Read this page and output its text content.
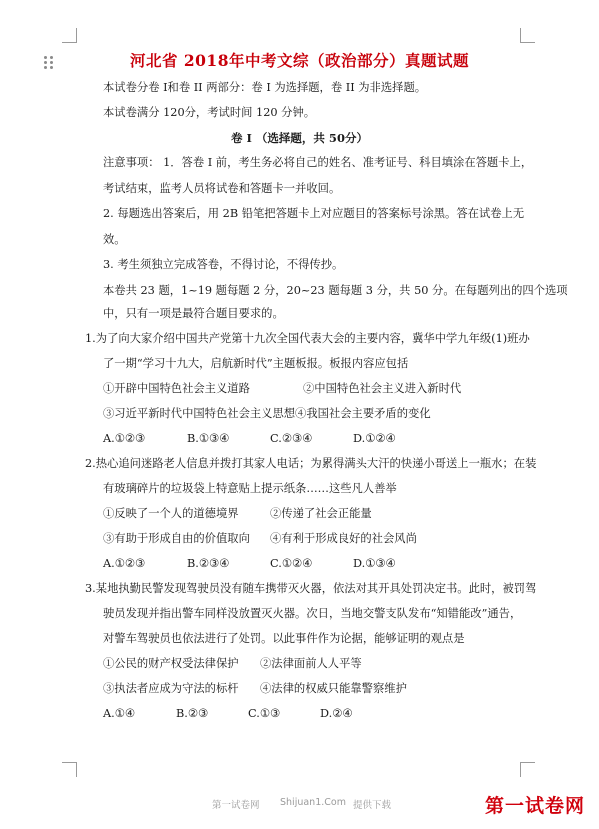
河北省 2018年中考文综（政治部分）真题试题
本试卷分卷 I和卷 II 两部分：卷 I 为选择题，卷 II 为非选择题。
本试卷满分 120分，考试时间 120 分钟。
卷 I （选择题，共 50分）
注意事项： 1．答卷 I 前，考生务必将自己的姓名、准考证号、科目填涂在答题卡上，
考试结束，监考人员将试卷和答题卡一并收回。
2. 每题选出答案后，用 2B 铅笔把答题卡上对应题目的答案标号涂黑。答在试卷上无
效。
3. 考生须独立完成答卷，不得讨论，不得传抄。
本卷共 23 题，1~19 题每题 2 分，20~23 题每题 3 分，共 50 分。在每题列出的四个选项
中，只有一项是最符合题目要求的。
1.为了向大家介绍中国共产党第十九次全国代表大会的主要内容，冀华中学九年级(1)班办
了一期“学习十九大，启航新时代”主题板报。板报内容应包括
①开辟中国特色社会主义道路	②中国特色社会主义进入新时代
③习近平新时代中国特色社会主义思想④我国社会主要矛盾的变化
A.①②③	B.①③④	C.②③④	D.①②④
2.热心追问迷路老人信息并拨打其家人电话；为累得满头大汗的快递小哥送上一瓶水；在装
有玻璃碎片的垃圾袋上特意贴上提示纸条……这些凡人善举
①反映了一个人的道德境界	②传递了社会正能量
③有助于形成自由的价值取向 ④有利于形成良好的社会风尚
A.①②③	B.②③④	C.①②④	D.①③④
3.某地执勤民警发现驾驶员没有随车携带灭火器，依法对其开具处罚决定书。此时，被罚驾
驶员发现并指出警车同样没放置灭火器。次日，当地交警支队发布“知错能改”通告，
对警车驾驶员也依法进行了处罚。以此事件作为论据，能够证明的观点是
①公民的财产权受法律保护 ②法律面前人人平等
③执法者应成为守法的标杆 ④法律的权威只能靠警察维护
A.①④	B.②③	C.①③	D.②④
第一试卷网 Shijuan1.Com 提供下载	第一试卷网
